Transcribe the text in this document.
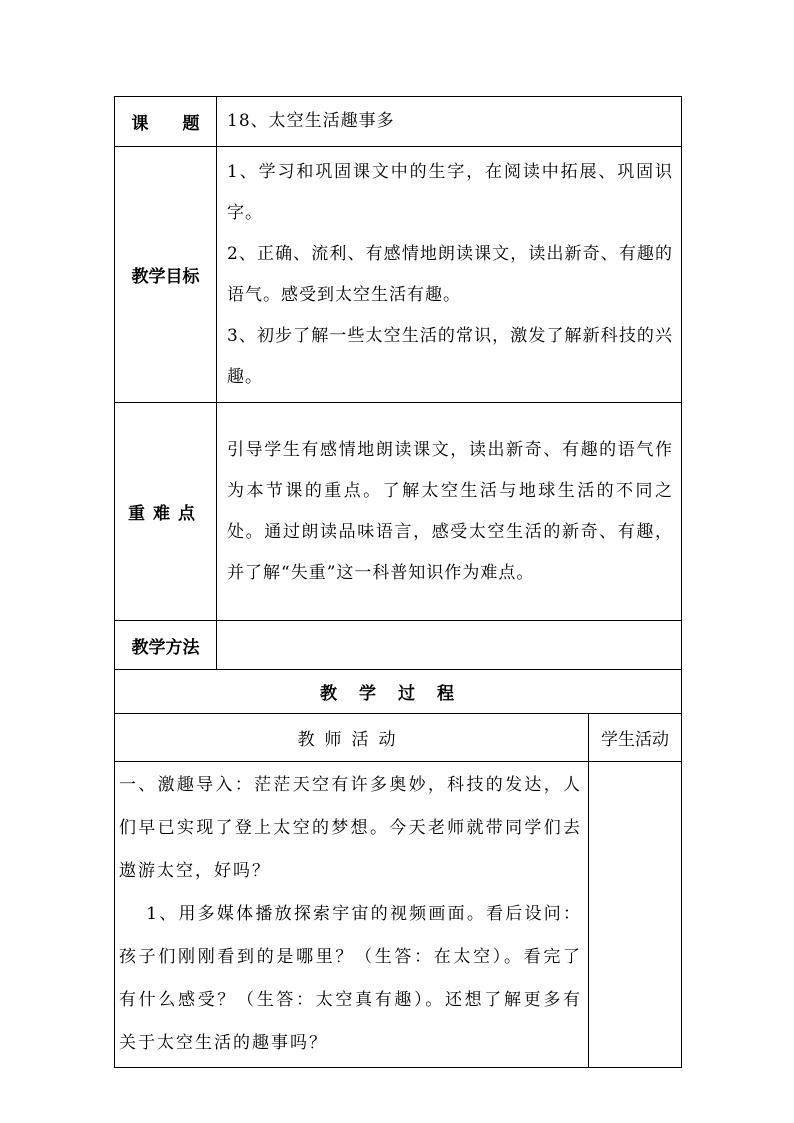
课　　题	18、太空生活趣事多	
教学目标	1、学习和巩固课文中的生字，在阅读中拓展、巩固识字。

2、正确、流利、有感情地朗读课文，读出新奇、有趣的语气。感受到太空生活有趣。

3、初步了解一些太空生活的常识，激发了解新科技的兴趣。	

重难点	引导学生有感情地朗读课文，读出新奇、有趣的语气作为本节课的重点。了解太空生活与地球生活的不同之处。通过朗读品味语言，感受太空生活的新奇、有趣，并了解“失重”这一科普知识作为难点。	
教学方法		
教学过程		
教师活动		学生活动

一、激趣导入：茫茫天空有许多奥妙，科技的发达，人们早已实现了登上太空的梦想。今天老师就带同学们去遨游太空，好吗？

1、用多媒体播放探索宇宙的视频画面。看后设问：孩子们刚刚看到的是哪里？（生答：在太空）。看完了有什么感受？（生答：太空真有趣）。还想了解更多有关于太空生活的趣事吗？		
